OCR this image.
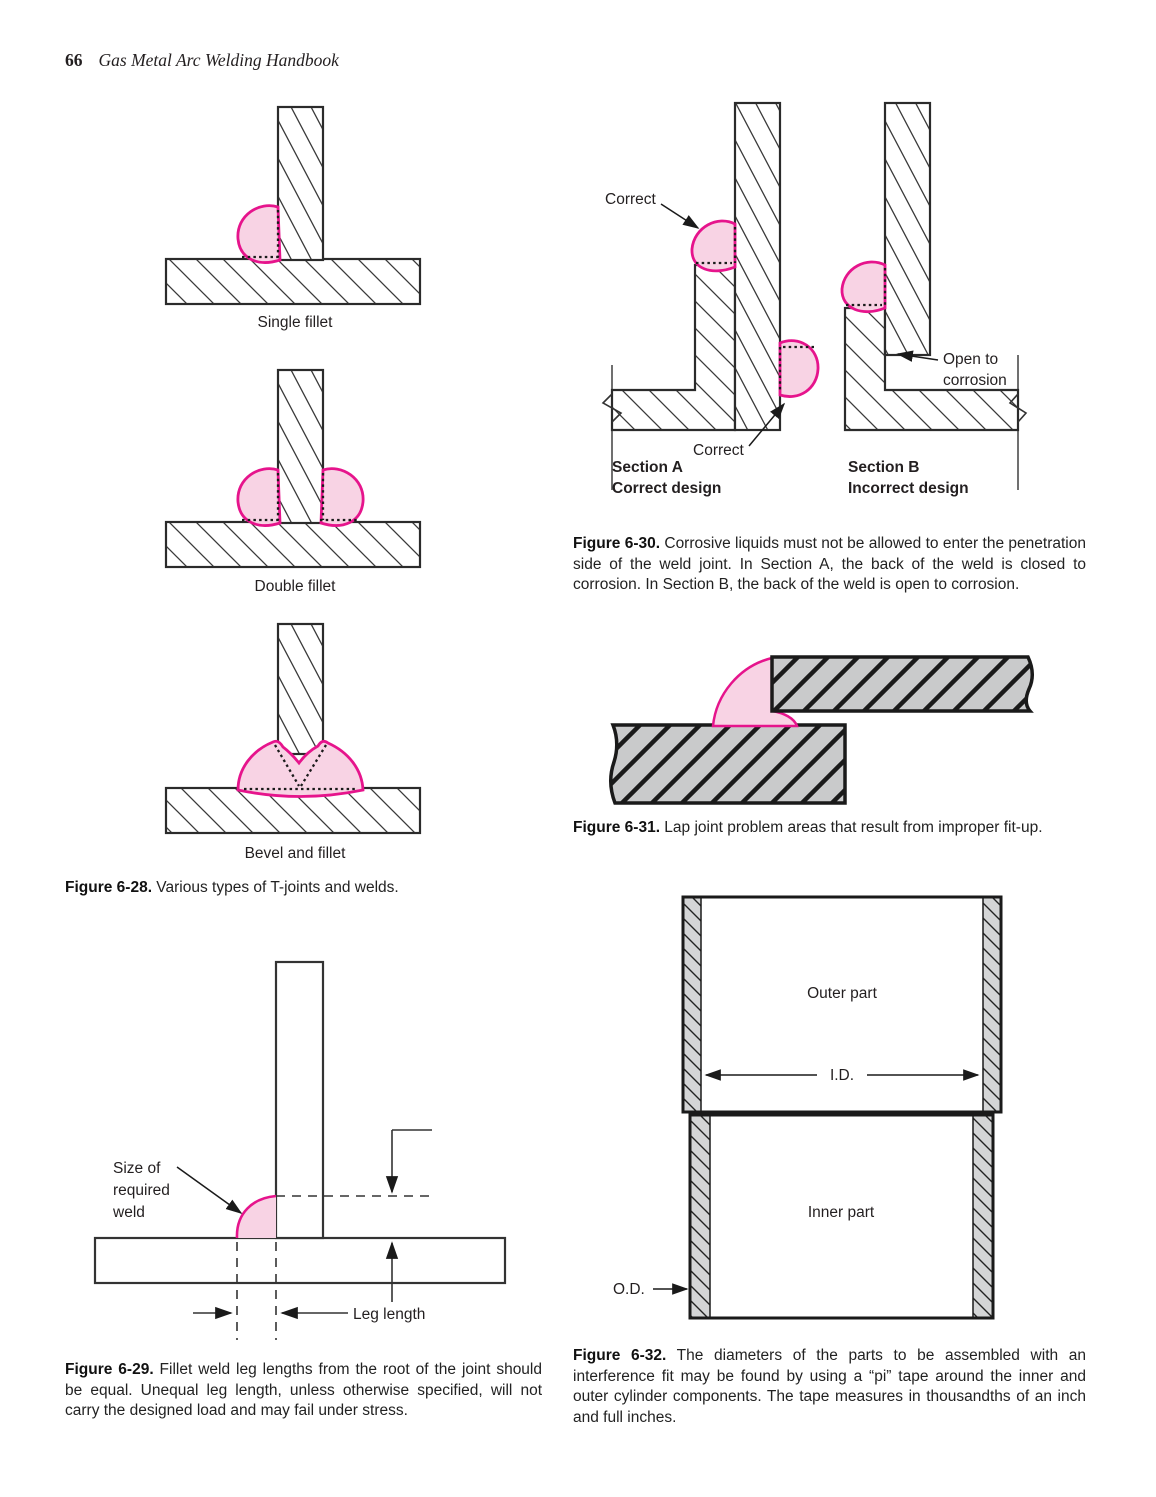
66 Gas Metal Arc Welding Handbook
Single fillet
Double fillet
Bevel and fillet

Figure 6-28. Various types of T-joints and welds.

Correct
Correct
Section A
Correct design
Open to
corrosion
Section B
Incorrect design

Figure 6-30. Corrosive liquids must not be allowed to enter the penetration side of the weld joint. In Section A, the back of the weld is closed to corrosion. In Section B, the back of the weld is open to corrosion.

Figure 6-31. Lap joint problem areas that result from improper fit-up.

Outer part
I.D.
Inner part
O.D.

Figure 6-32. The diameters of the parts to be assembled with an interference fit may be found by using a “pi” tape around the inner and outer cylinder components. The tape measures in thousandths of an inch and full inches.

Leg length
Size of
required
weld

Figure 6-29. Fillet weld leg lengths from the root of the joint should be equal. Unequal leg length, unless otherwise specified, will not carry the designed load and may fail under stress.
